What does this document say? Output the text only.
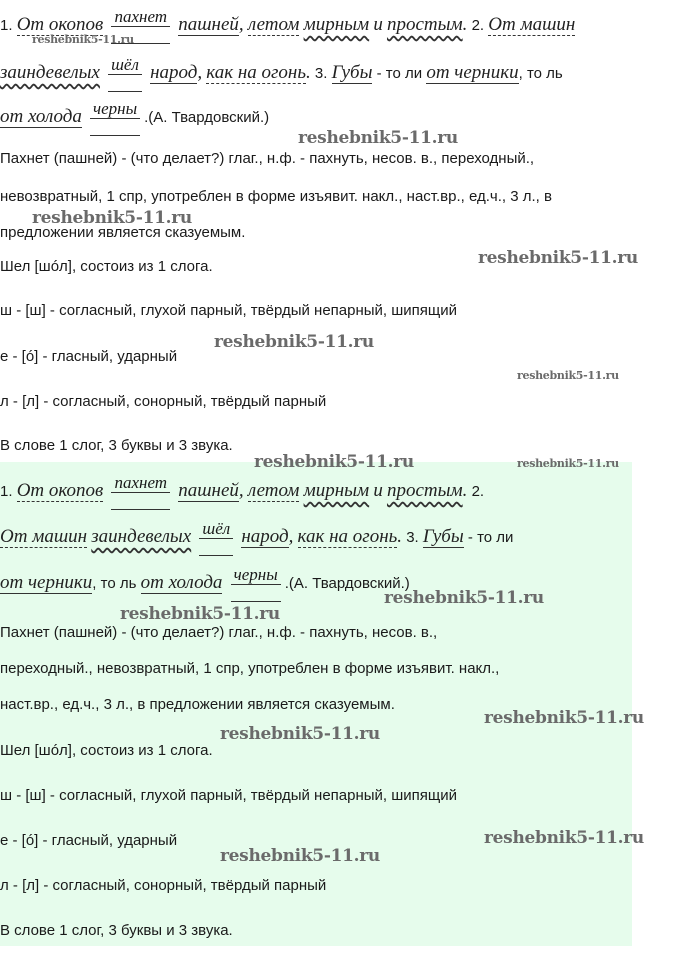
1. От окопов пахнет пашней, летом мирным и простым. 2. От машин
reshebnik5-11.ru
заиндевелых шёл народ, как на огонь. 3. Губы - то ли от черники, то ль
от холода черны .(А. Твардовский.)
reshebnik5-11.ru
Пахнет (пашней) - (что делает?) глаг., н.ф. - пахнуть, несов. в., переходный.,
невозвратный, 1 спр, употреблен в форме изъявит. накл., наст.вр., ед.ч., 3 л., в
reshebnik5-11.ru
предложении является сказуемым.
reshebnik5-11.ru
Шел [шóл], состоиз из 1 слога.
ш - [ш] - согласный, глухой парный, твёрдый непарный, шипящий
reshebnik5-11.ru
е - [ó] - гласный, ударный
reshebnik5-11.ru
л - [л] - согласный, сонорный, твёрдый парный
В слове 1 слог, 3 буквы и 3 звука.
reshebnik5-11.ru	reshebnik5-11.ru
1. От окопов пахнет пашней, летом мирным и простым. 2.
От машин заиндевелых шёл народ, как на огонь. 3. Губы - то ли
от черники, то ль от холода черны .(А. Твардовский.)
reshebnik5-11.ru
reshebnik5-11.ru
Пахнет (пашней) - (что делает?) глаг., н.ф. - пахнуть, несов. в.,
переходный., невозвратный, 1 спр, употреблен в форме изъявит. накл.,
наст.вр., ед.ч., 3 л., в предложении является сказуемым.
reshebnik5-11.ru
reshebnik5-11.ru
Шел [шóл], состоиз из 1 слога.
ш - [ш] - согласный, глухой парный, твёрдый непарный, шипящий
reshebnik5-11.ru
е - [ó] - гласный, ударный
reshebnik5-11.ru
л - [л] - согласный, сонорный, твёрдый парный
В слове 1 слог, 3 буквы и 3 звука.
